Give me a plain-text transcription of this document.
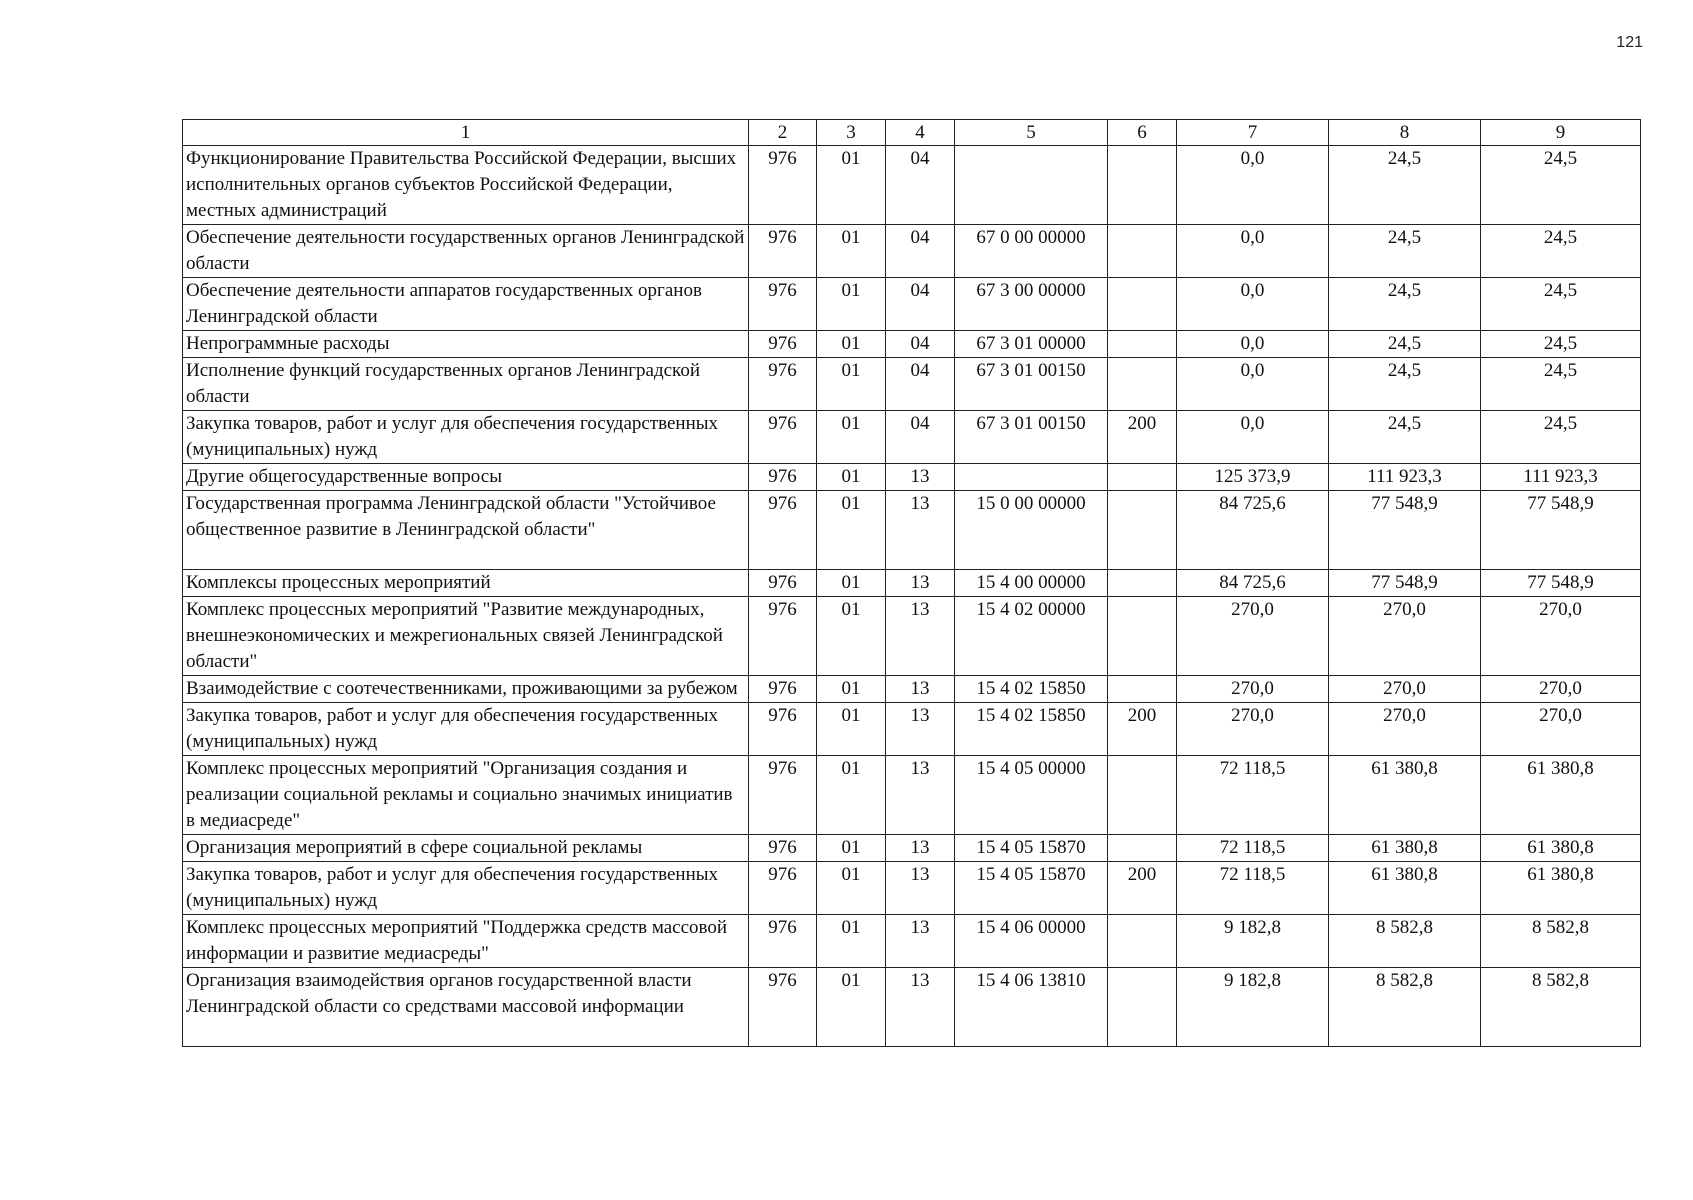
121
1	2	3	4	5	6	7	8	9
Функционирование Правительства Российской Федерации, высших исполнительных органов субъектов Российской Федерации, местных администраций	976	01	04			0,0	24,5	24,5
Обеспечение деятельности государственных органов Ленинградской области	976	01	04	67 0 00 00000		0,0	24,5	24,5
Обеспечение деятельности аппаратов государственных органов Ленинградской области	976	01	04	67 3 00 00000		0,0	24,5	24,5
Непрограммные расходы	976	01	04	67 3 01 00000		0,0	24,5	24,5
Исполнение функций государственных органов Ленинградской области	976	01	04	67 3 01 00150		0,0	24,5	24,5
Закупка товаров, работ и услуг для обеспечения государственных (муниципальных) нужд	976	01	04	67 3 01 00150	200	0,0	24,5	24,5
Другие общегосударственные вопросы	976	01	13			125 373,9	111 923,3	111 923,3
Государственная программа Ленинградской области "Устойчивое общественное развитие в Ленинградской области"	976	01	13	15 0 00 00000		84 725,6	77 548,9	77 548,9
Комплексы процессных мероприятий	976	01	13	15 4 00 00000		84 725,6	77 548,9	77 548,9
Комплекс процессных мероприятий "Развитие международных, внешнеэкономических и межрегиональных связей Ленинградской области"	976	01	13	15 4 02 00000		270,0	270,0	270,0
Взаимодействие с соотечественниками, проживающими за рубежом	976	01	13	15 4 02 15850		270,0	270,0	270,0
Закупка товаров, работ и услуг для обеспечения государственных (муниципальных) нужд	976	01	13	15 4 02 15850	200	270,0	270,0	270,0
Комплекс процессных мероприятий "Организация создания и реализации социальной рекламы и социально значимых инициатив в медиасреде"	976	01	13	15 4 05 00000		72 118,5	61 380,8	61 380,8
Организация мероприятий в сфере социальной рекламы	976	01	13	15 4 05 15870		72 118,5	61 380,8	61 380,8
Закупка товаров, работ и услуг для обеспечения государственных (муниципальных) нужд	976	01	13	15 4 05 15870	200	72 118,5	61 380,8	61 380,8
Комплекс процессных мероприятий "Поддержка средств массовой информации и развитие медиасреды"	976	01	13	15 4 06 00000		9 182,8	8 582,8	8 582,8
Организация взаимодействия органов государственной власти Ленинградской области со средствами массовой информации	976	01	13	15 4 06 13810		9 182,8	8 582,8	8 582,8
